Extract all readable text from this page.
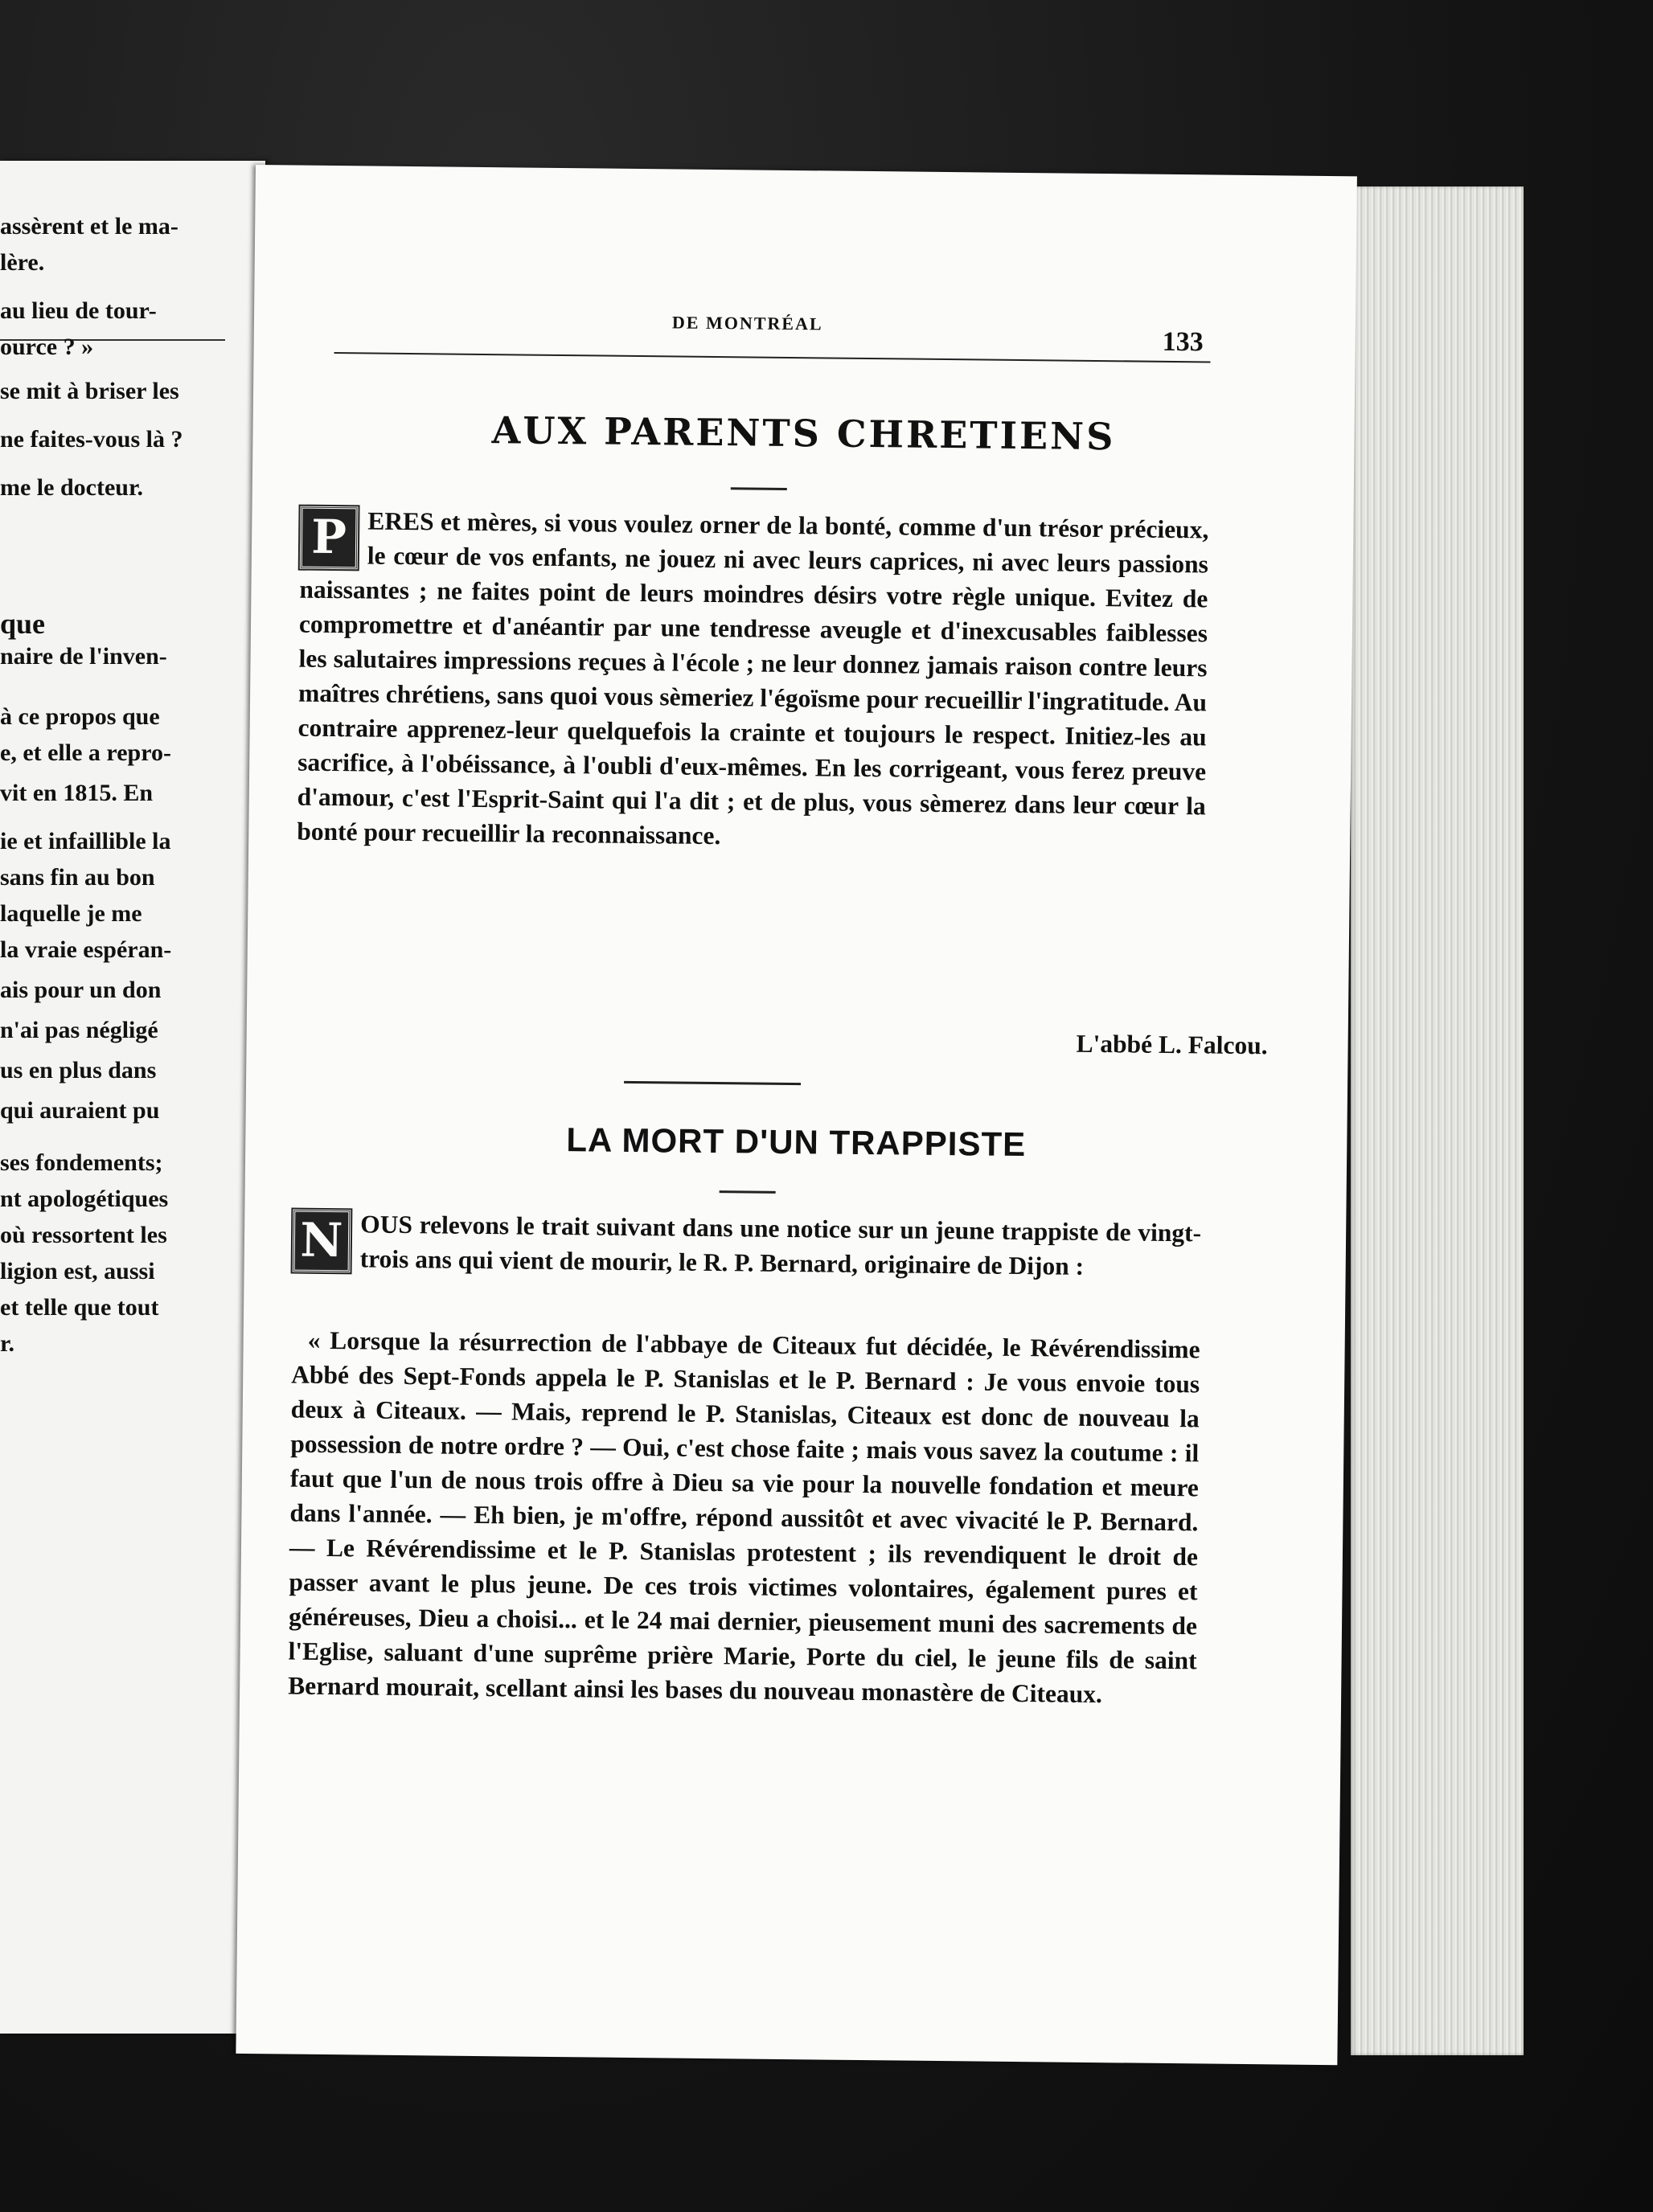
assèrent et le ma-
lère.
au lieu de tour-
ource ? »
se mit à briser les
ne faites-vous là ?
me le docteur.
que
naire de l'inven-
à ce propos que
e, et elle a repro-
vit en 1815. En
ie et infaillible la
sans fin au bon
laquelle je me
la vraie espéran-
ais pour un don
n'ai pas négligé
us en plus dans
qui auraient pu
ses fondements;
nt apologétiques
où ressortent les
ligion est, aussi
et telle que tout
r.
DE MONTRÉAL
133
AUX PARENTS CHRETIENS
P ERES et mères, si vous voulez orner de la bonté, comme d'un trésor précieux, le cœur de vos enfants, ne jouez ni avec leurs caprices, ni avec leurs passions naissantes ; ne faites point de leurs moindres désirs votre règle unique. Evitez de compromettre et d'anéantir par une tendresse aveugle et d'inexcusables faiblesses les salutaires impressions reçues à l'école ; ne leur donnez jamais raison contre leurs maîtres chrétiens, sans quoi vous sèmeriez l'égoïsme pour recueillir l'ingratitude. Au contraire apprenez-leur quelquefois la crainte et toujours le respect. Initiez-les au sacrifice, à l'obéissance, à l'oubli d'eux-mêmes. En les corrigeant, vous ferez preuve d'amour, c'est l'Esprit-Saint qui l'a dit ; et de plus, vous sèmerez dans leur cœur la bonté pour recueillir la reconnaissance.

L'abbé L. Falcou.
LA MORT D'UN TRAPPISTE
N OUS relevons le trait suivant dans une notice sur un jeune trappiste de vingt-trois ans qui vient de mourir, le R. P. Bernard, originaire de Dijon :

« Lorsque la résurrection de l'abbaye de Citeaux fut décidée, le Révérendissime Abbé des Sept-Fonds appela le P. Stanislas et le P. Bernard : Je vous envoie tous deux à Citeaux. — Mais, reprend le P. Stanislas, Citeaux est donc de nouveau la possession de notre ordre ? — Oui, c'est chose faite ; mais vous savez la coutume : il faut que l'un de nous trois offre à Dieu sa vie pour la nouvelle fondation et meure dans l'année. — Eh bien, je m'offre, répond aussitôt et avec vivacité le P. Bernard. — Le Révérendissime et le P. Stanislas protestent ; ils revendiquent le droit de passer avant le plus jeune. De ces trois victimes volontaires, également pures et généreuses, Dieu a choisi... et le 24 mai dernier, pieusement muni des sacrements de l'Eglise, saluant d'une suprême prière Marie, Porte du ciel, le jeune fils de saint Bernard mourait, scellant ainsi les bases du nouveau monastère de Citeaux.
